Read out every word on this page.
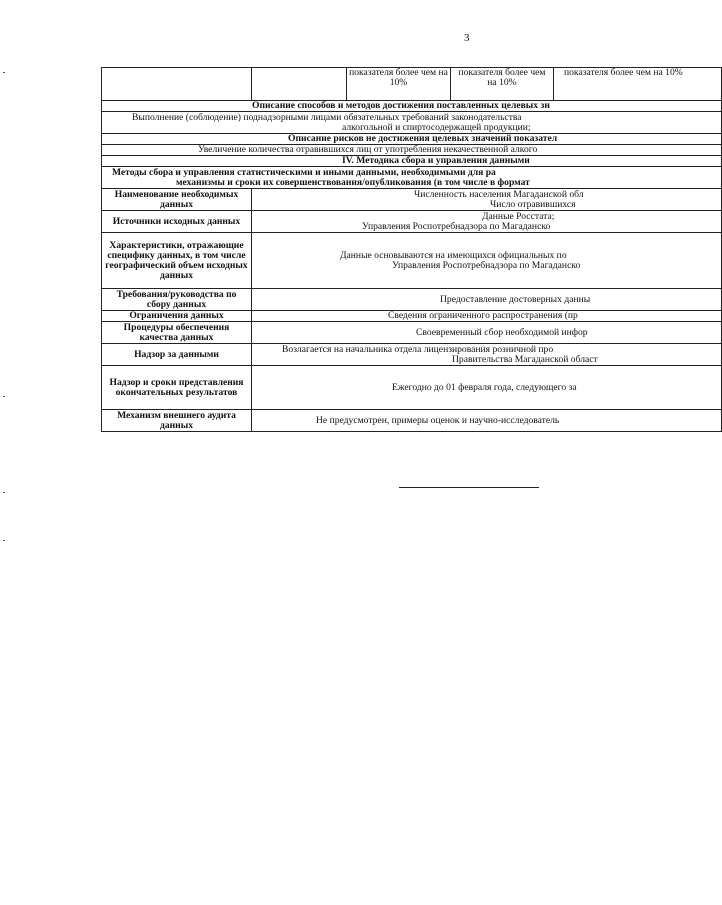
3
		показателя более чем на 10%	показателя более чем на 10%	показателя более чем на 10%
Описание способов и методов достижения поставленных целевых зн				

Выполнение (соблюдение) поднадзорными лицами обязательных требований законодательства
алкогольной и спиртосодержащей продукции;				

Описание рисков не достижения целевых значений показател				
Увеличение количества отравившихся лиц от употребления некачественной алкого				
IV. Методика сбора и управления данными				

Методы сбора и управления статистическими и иными данными, необходимыми для ра
механизмы и сроки их совершенствования/опубликования (в том числе в формат				

Наименование необходимых данных	Численность населения Магаданской обл
Число отравившихся			

Источники исходных данных	Данные Росстата;
Управления Роспотребнадзора по Магаданско			

Характеристики, отражающие специфику данных, в том числе географический объем исходных данных	Данные основываются на имеющихся официальных по
Управления Роспотребнадзора по Магаданско			

Требования/руководства по сбору данных	Предоставление достоверных данны			
Ограничения данных	Сведения ограниченного распространения (пр			
Процедуры обеспечения качества данных	Своевременный сбор необходимой инфор			
Надзор за данными	Возлагается на начальника отдела лицензирования розничной про
Правительства Магаданской област			

Надзор и сроки представления окончательных результатов	Ежегодно до 01 февраля года, следующего за			
Механизм внешнего аудита данных	Не предусмотрен, примеры оценок и научно-исследователь			
